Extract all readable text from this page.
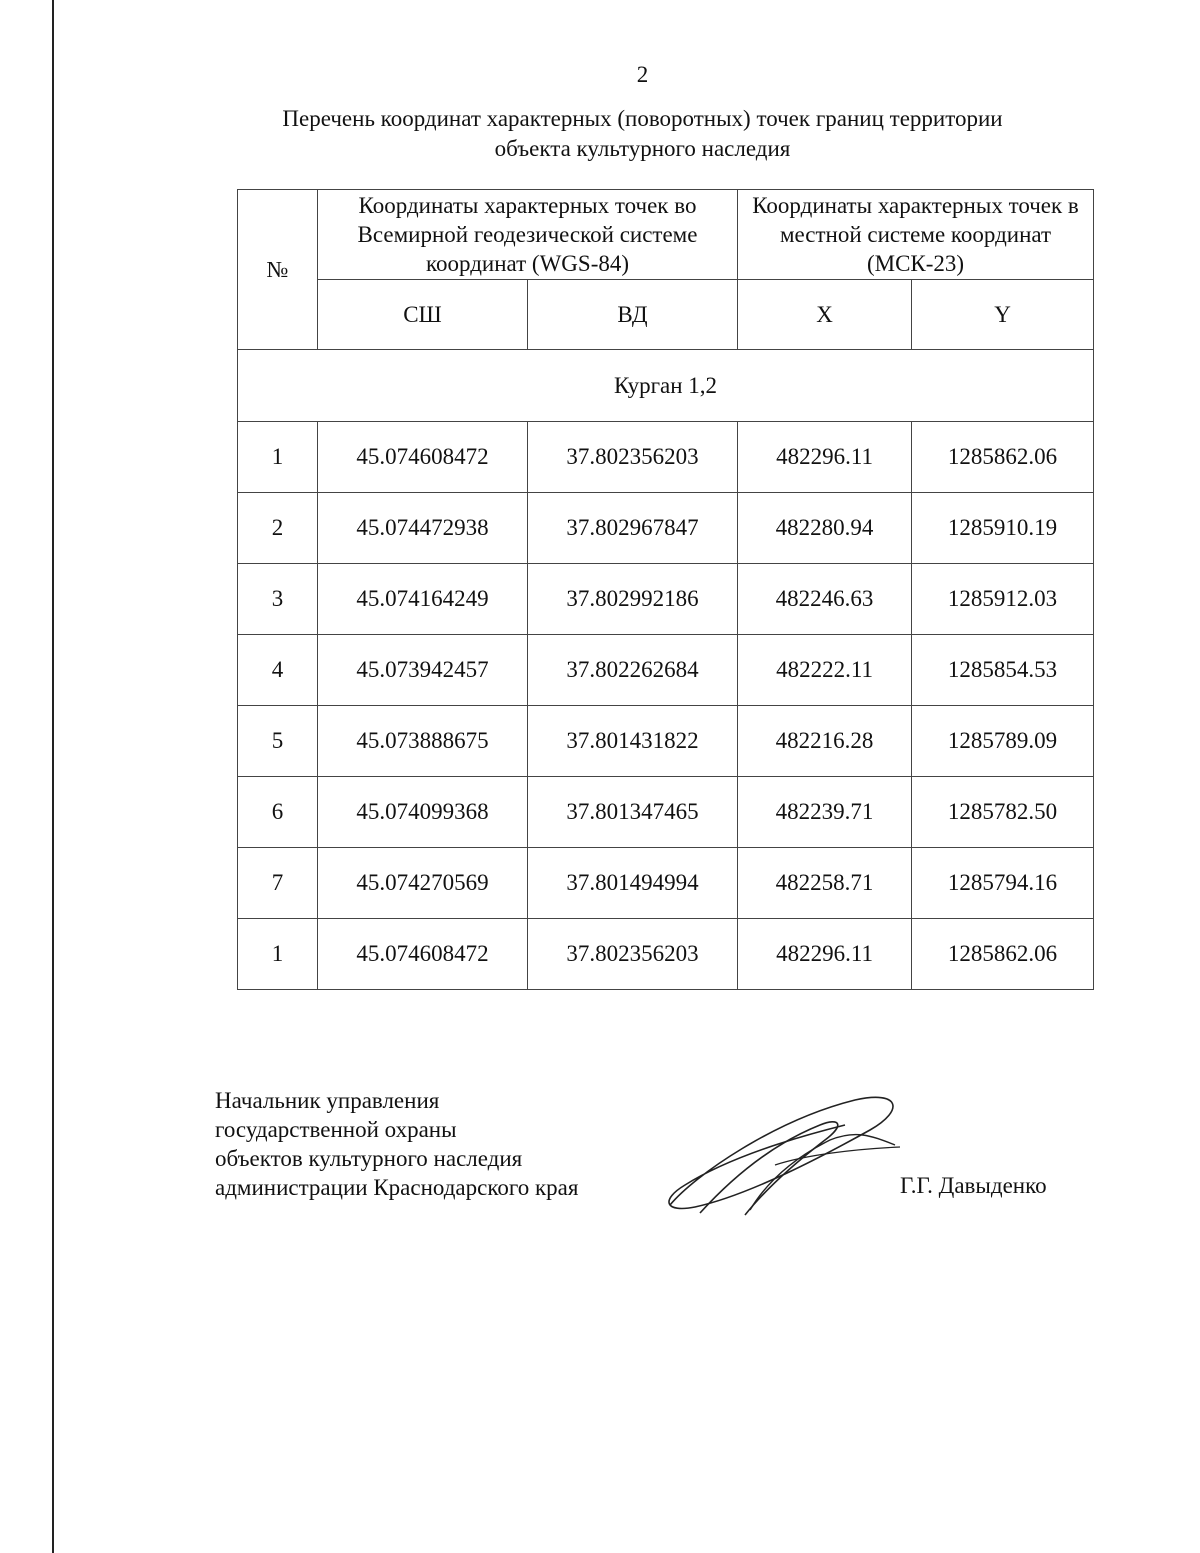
2
Перечень координат характерных (поворотных) точек границ территории
объекта культурного наследия
№	Координаты характерных точек во Всемирной геодезической системе координат (WGS-84)		Координаты характерных точек в местной системе координат (МСК-23)	
	СШ	ВД	X	Y
Курган 1,2				
1	45.074608472	37.802356203	482296.11	1285862.06
2	45.074472938	37.802967847	482280.94	1285910.19
3	45.074164249	37.802992186	482246.63	1285912.03
4	45.073942457	37.802262684	482222.11	1285854.53
5	45.073888675	37.801431822	482216.28	1285789.09
6	45.074099368	37.801347465	482239.71	1285782.50
7	45.074270569	37.801494994	482258.71	1285794.16
1	45.074608472	37.802356203	482296.11	1285862.06
Начальник управления
государственной охраны
объектов культурного наследия
администрации Краснодарского края	Г.Г. Давыденко
